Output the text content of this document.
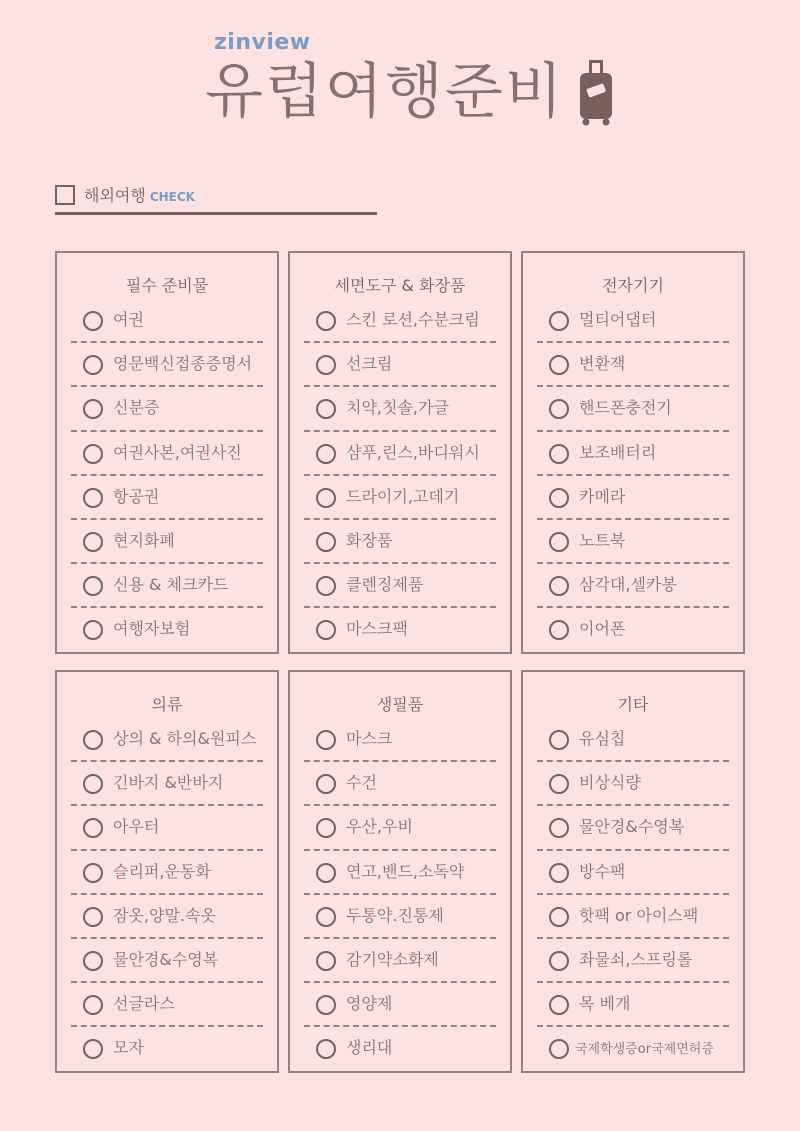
zinview
유럽여행준비
해외여행 CHECK
필수 준비물
여권
영문백신접종증명서
신분증
여권사본,여권사진
항공권
현지화폐
신용 & 체크카드
여행자보험
세면도구 & 화장품
스킨 로션,수분크림
선크림
치약,칫솔,가글
샴푸,린스,바디워시
드라이기,고데기
화장품
클렌징제품
마스크팩
전자기기
멀티어댑터
변환잭
핸드폰충전기
보조배터리
카메라
노트북
삼각대,셀카봉
이어폰
의류
상의 & 하의&원피스
긴바지 &반바지
아우터
슬리퍼,운동화
잠옷,양말.속옷
물안경&수영복
선글라스
모자
생필품
마스크
수건
우산,우비
연고,밴드,소독약
두통약.진통제
감기약소화제
영양제
생리대
기타
유심칩
비상식량
물안경&수영복
방수팩
핫팩 or 아이스팩
좌물쇠,스프링롤
목 베개
국제학생증or국제면허증
